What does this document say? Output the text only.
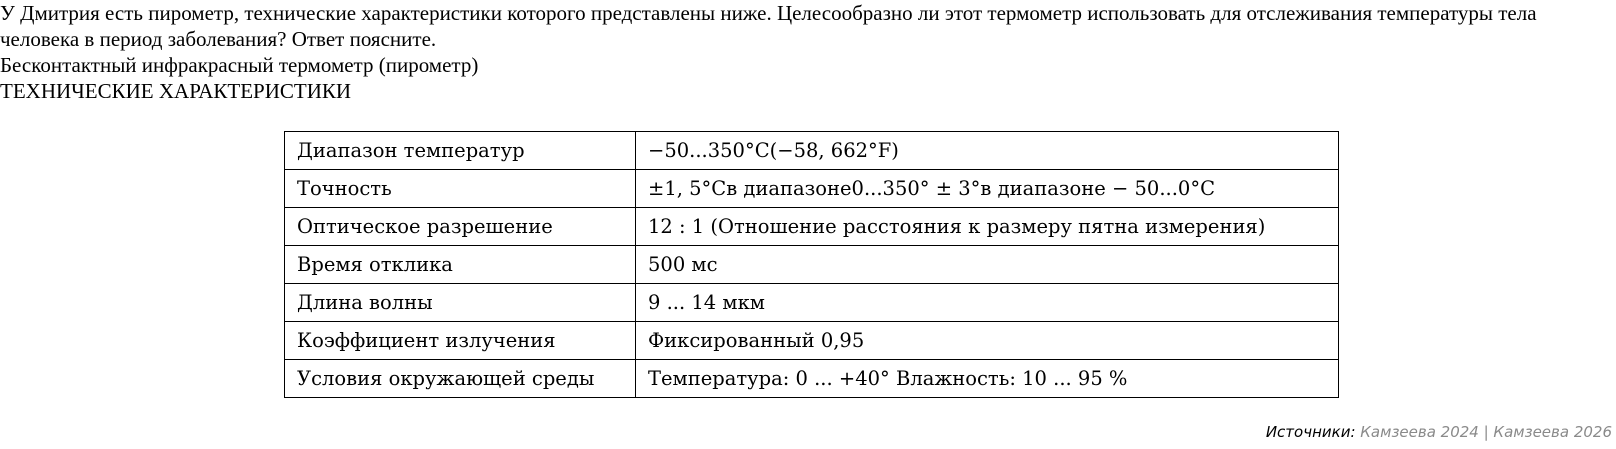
У Дмитрия есть пирометр, технические характеристики которого представлены ниже. Целесообразно ли этот термометр использовать для отслеживания температуры тела человека в период заболевания? Ответ поясните.

Бесконтактный инфракрасный термометр (пирометр)

ТЕХНИЧЕСКИЕ ХАРАКТЕРИСТИКИ

Диапазон температур	−50...350°C(−58, 662°F)
Точность	±1, 5°Cв диапазоне0...350° ± 3°в диапазоне − 50...0°C
Оптическое разрешение	12 : 1 (Отношение расстояния к размеру пятна измерения)
Время отклика	500 мс
Длина волны	9 ... 14 мкм
Коэффициент излучения	Фиксированный 0,95
Условия окружающей среды	Температура: 0 ... +40° Влажность: 10 ... 95 %
Источники: Камзеева 2024 | Камзеева 2026
